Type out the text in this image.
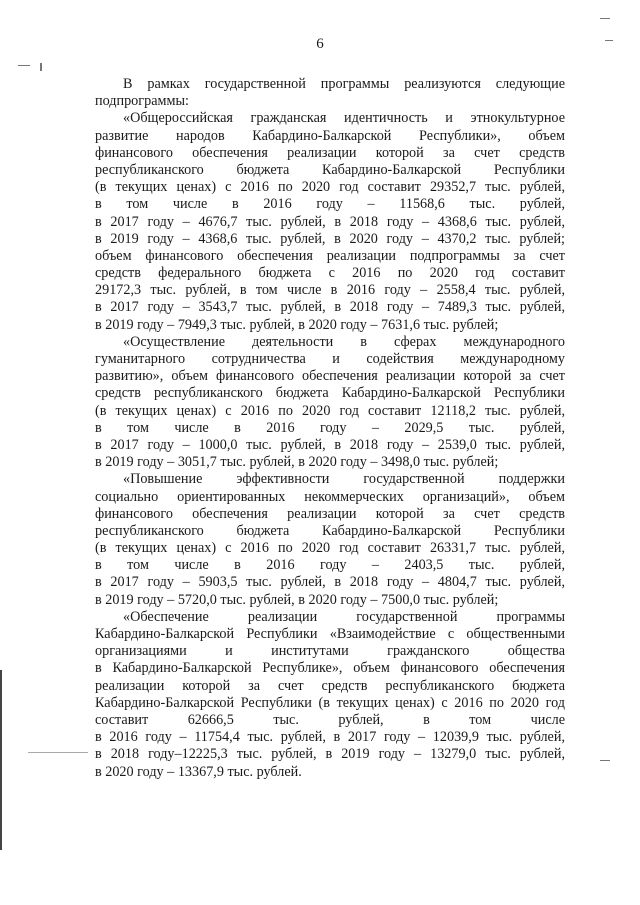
6
В рамках государственной программы реализуются следующие
подпрограммы:
«Общероссийская гражданская идентичность и этнокультурное
развитие народов Кабардино-Балкарской Республики», объем
финансового обеспечения реализации которой за счет средств
республиканского бюджета Кабардино-Балкарской Республики
(в текущих ценах) с 2016 по 2020 год составит 29352,7 тыс. рублей,
в том числе в 2016 году – 11568,6 тыс. рублей,
в 2017 году – 4676,7 тыс. рублей, в 2018 году – 4368,6 тыс. рублей,
в 2019 году – 4368,6 тыс. рублей, в 2020 году – 4370,2 тыс. рублей;
объем финансового обеспечения реализации подпрограммы за счет
средств федерального бюджета с 2016 по 2020 год составит
29172,3 тыс. рублей, в том числе в 2016 году – 2558,4 тыс. рублей,
в 2017 году – 3543,7 тыс. рублей, в 2018 году – 7489,3 тыс. рублей,
в 2019 году – 7949,3 тыс. рублей, в 2020 году – 7631,6 тыс. рублей;
«Осуществление деятельности в сферах международного
гуманитарного сотрудничества и содействия международному
развитию», объем финансового обеспечения реализации которой за счет
средств республиканского бюджета Кабардино-Балкарской Республики
(в текущих ценах) с 2016 по 2020 год составит 12118,2 тыс. рублей,
в том числе в 2016 году – 2029,5 тыс. рублей,
в 2017 году – 1000,0 тыс. рублей, в 2018 году – 2539,0 тыс. рублей,
в 2019 году – 3051,7 тыс. рублей, в 2020 году – 3498,0 тыс. рублей;
«Повышение эффективности государственной поддержки
социально ориентированных некоммерческих организаций», объем
финансового обеспечения реализации которой за счет средств
республиканского бюджета Кабардино-Балкарской Республики
(в текущих ценах) с 2016 по 2020 год составит 26331,7 тыс. рублей,
в том числе в 2016 году – 2403,5 тыс. рублей,
в 2017 году – 5903,5 тыс. рублей, в 2018 году – 4804,7 тыс. рублей,
в 2019 году – 5720,0 тыс. рублей, в 2020 году – 7500,0 тыс. рублей;
«Обеспечение реализации государственной программы
Кабардино-Балкарской Республики «Взаимодействие с общественными
организациями и институтами гражданского общества
в Кабардино-Балкарской Республике», объем финансового обеспечения
реализации которой за счет средств республиканского бюджета
Кабардино-Балкарской Республики (в текущих ценах) с 2016 по 2020 год
составит 62666,5 тыс. рублей, в том числе
в 2016 году – 11754,4 тыс. рублей, в 2017 году – 12039,9 тыс. рублей,
в 2018 году–12225,3 тыс. рублей, в 2019 году – 13279,0 тыс. рублей,
в 2020 году – 13367,9 тыс. рублей.
